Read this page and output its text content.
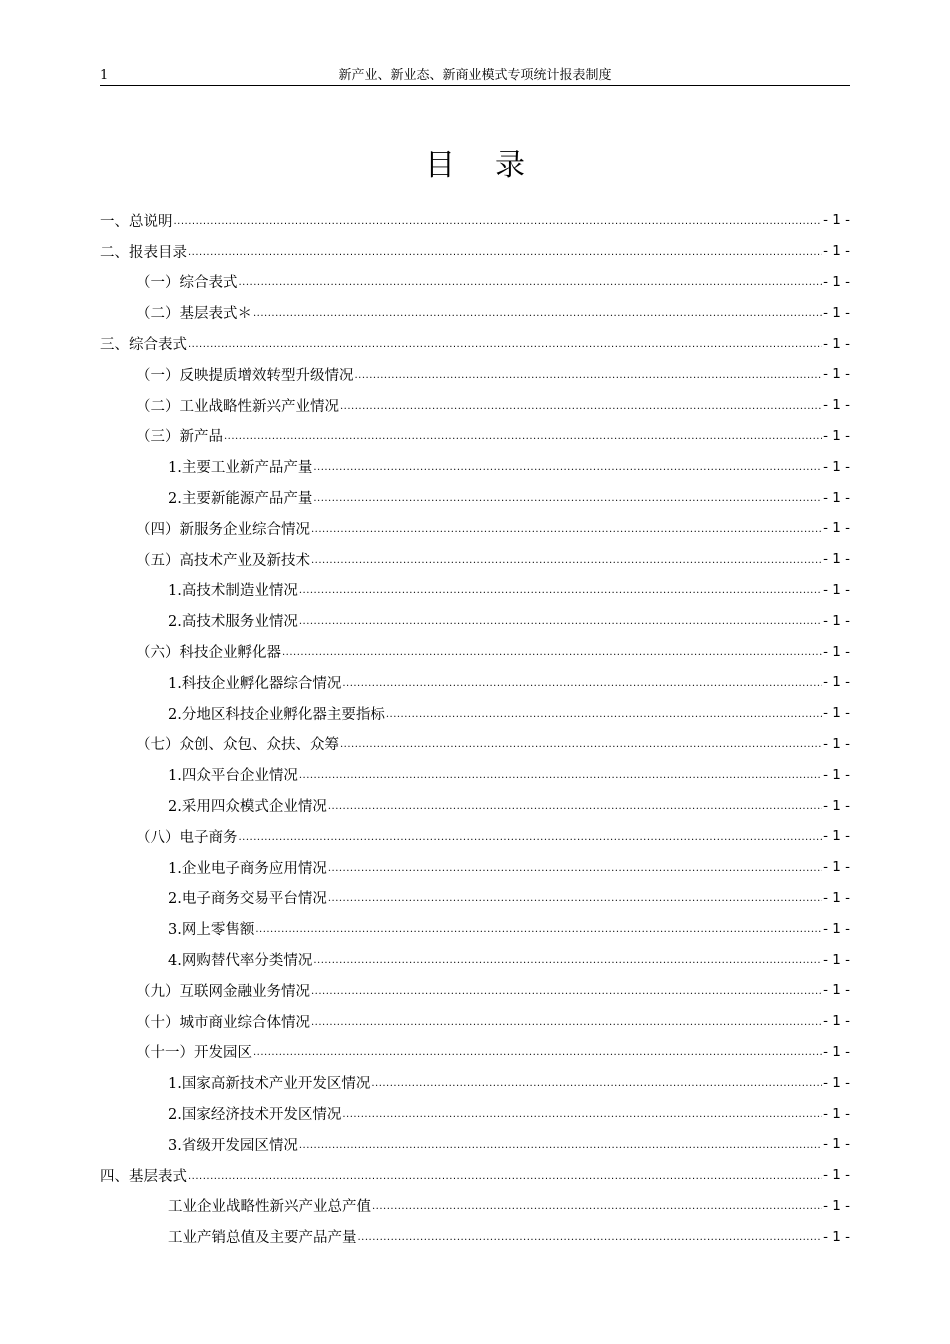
1	新产业、新业态、新商业模式专项统计报表制度
目录
一、总说明 .....	- 1 -
二、报表目录 .....	- 1 -
（一）综合表式 .....	- 1 -
（二）基层表式＊ .....	- 1 -
三、综合表式 .....	- 1 -
（一）反映提质增效转型升级情况 .....	- 1 -
（二）工业战略性新兴产业情况 .....	- 1 -
（三）新产品 .....	- 1 -
1.主要工业新产品产量 .....	- 1 -
2.主要新能源产品产量 .....	- 1 -
（四）新服务企业综合情况 .....	- 1 -
（五）高技术产业及新技术 .....	- 1 -
1.高技术制造业情况 .....	- 1 -
2.高技术服务业情况 .....	- 1 -
（六）科技企业孵化器 .....	- 1 -
1.科技企业孵化器综合情况 .....	- 1 -
2.分地区科技企业孵化器主要指标 .....	- 1 -
（七）众创、众包、众扶、众筹 .....	- 1 -
1.四众平台企业情况 .....	- 1 -
2.采用四众模式企业情况 .....	- 1 -
（八）电子商务 .....	- 1 -
1.企业电子商务应用情况 .....	- 1 -
2.电子商务交易平台情况 .....	- 1 -
3.网上零售额 .....	- 1 -
4.网购替代率分类情况 .....	- 1 -
（九）互联网金融业务情况 .....	- 1 -
（十）城市商业综合体情况 .....	- 1 -
（十一）开发园区 .....	- 1 -
1.国家高新技术产业开发区情况 .....	- 1 -
2.国家经济技术开发区情况 .....	- 1 -
3.省级开发园区情况 .....	- 1 -
四、基层表式 .....	- 1 -
工业企业战略性新兴产业总产值 .....	- 1 -
工业产销总值及主要产品产量 .....	- 1 -
